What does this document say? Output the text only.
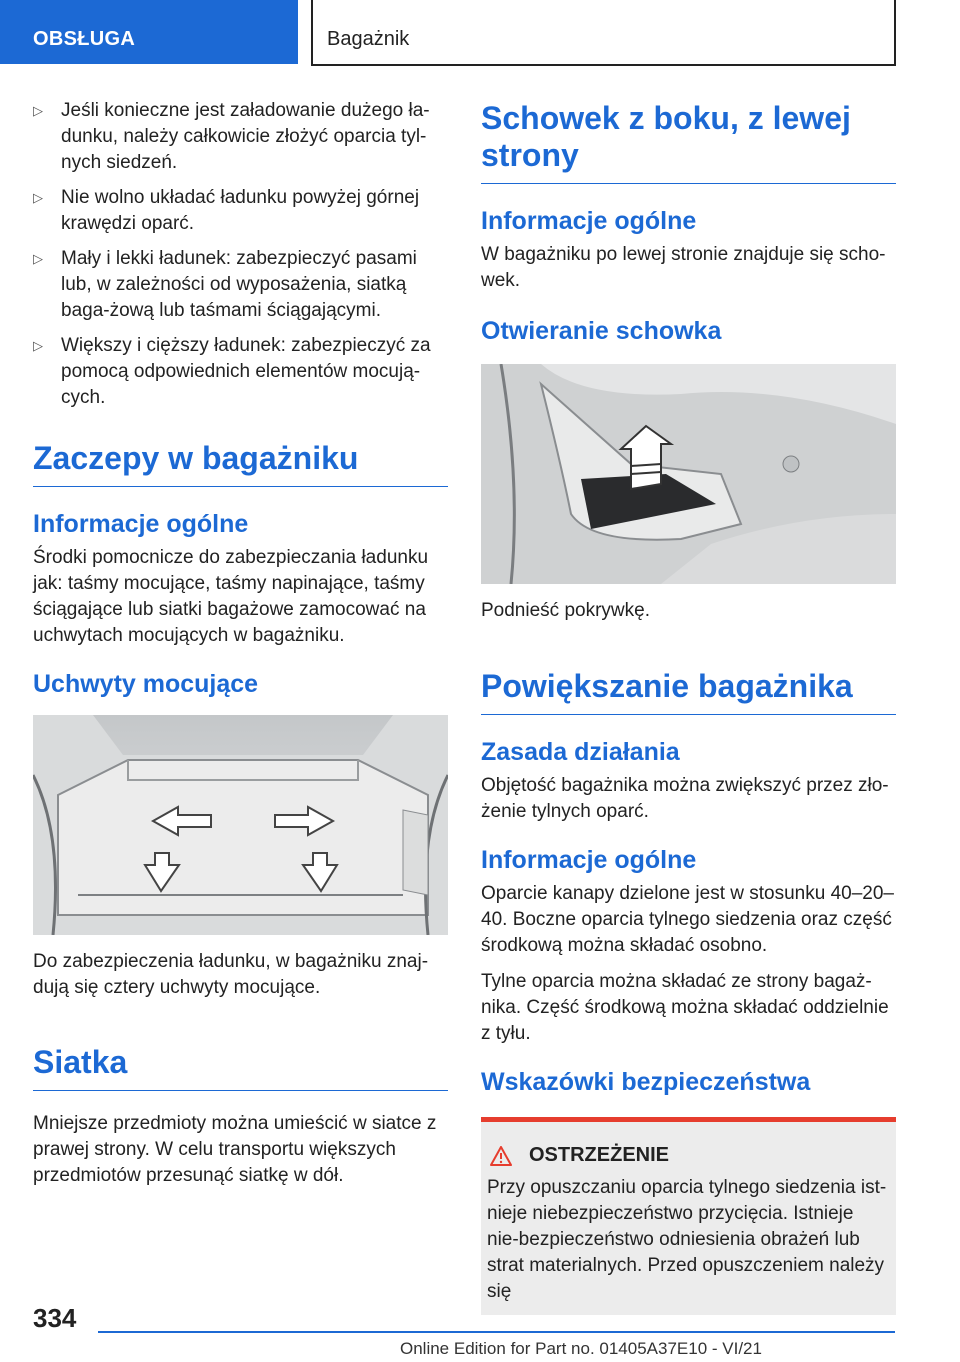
OBSŁUGA	Bagażnik
▷ Jeśli konieczne jest załadowanie dużego ła-dunku, należy całkowicie złożyć oparcia tyl-nych siedzeń.
▷ Nie wolno układać ładunku powyżej górnej krawędzi oparć.
▷ Mały i lekki ładunek: zabezpieczyć pasami lub, w zależności od wyposażenia, siatką baga-żową lub taśmami ściągającymi.
▷ Większy i cięższy ładunek: zabezpieczyć za pomocą odpowiednich elementów mocują-cych.
Zaczepy w bagażniku
Informacje ogólne
Środki pomocnicze do zabezpieczania ładunku jak: taśmy mocujące, taśmy napinające, taśmy ściągające lub siatki bagażowe zamocować na uchwytach mocujących w bagażniku.
Uchwyty mocujące
Do zabezpieczenia ładunku, w bagażniku znaj-dują się cztery uchwyty mocujące.
Siatka
Mniejsze przedmioty można umieścić w siatce z prawej strony. W celu transportu większych przedmiotów przesunąć siatkę w dół.
Schowek z boku, z lewej strony
Informacje ogólne
W bagażniku po lewej stronie znajduje się scho-wek.
Otwieranie schowka
Podnieść pokrywkę.
Powiększanie bagażnika
Zasada działania
Objętość bagażnika można zwiększyć przez zło-żenie tylnych oparć.
Informacje ogólne
Oparcie kanapy dzielone jest w stosunku 40–20–40. Boczne oparcia tylnego siedzenia oraz część środkową można składać osobno.
Tylne oparcia można składać ze strony bagaż-nika. Część środkową można składać oddzielnie z tyłu.
Wskazówki bezpieczeństwa
OSTRZEŻENIE
Przy opuszczaniu oparcia tylnego siedzenia ist-nieje niebezpieczeństwo przycięcia. Istnieje nie-bezpieczeństwo odniesienia obrażeń lub strat materialnych. Przed opuszczeniem należy się
334
Online Edition for Part no. 01405A37E10 - VI/21
